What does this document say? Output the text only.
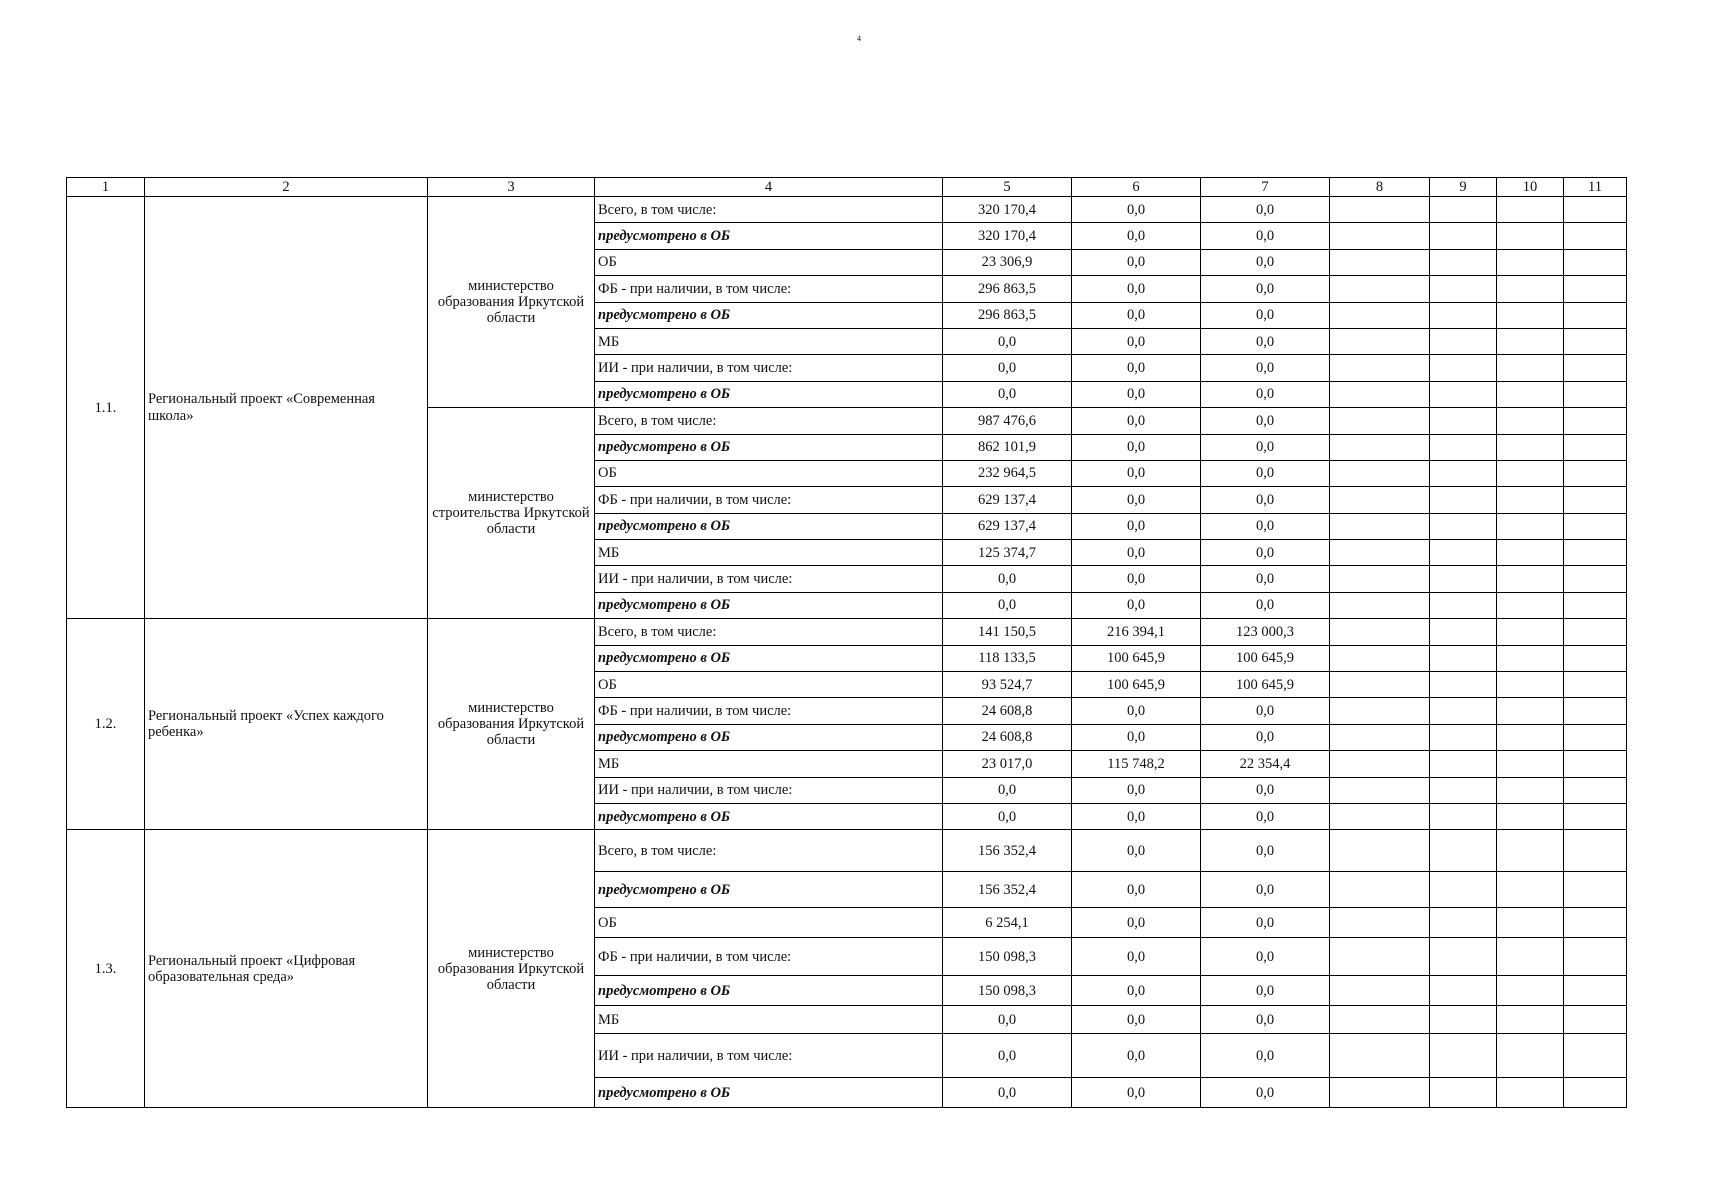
4
1	2	3	4	5	6	7	8	9	10	11
1.1.	Региональный проект «Современная школа»	министерство образования Иркутской области	Всего, в том числе:	320 170,4	0,0	0,0				
			предусмотрено в ОБ	320 170,4	0,0	0,0				
			ОБ	23 306,9	0,0	0,0				
			ФБ - при наличии, в том числе:	296 863,5	0,0	0,0				
			предусмотрено в ОБ	296 863,5	0,0	0,0				
			МБ	0,0	0,0	0,0				
			ИИ - при наличии, в том числе:	0,0	0,0	0,0				
			предусмотрено в ОБ	0,0	0,0	0,0				
		министерство строительства Иркутской области	Всего, в том числе:	987 476,6	0,0	0,0				
			предусмотрено в ОБ	862 101,9	0,0	0,0				
			ОБ	232 964,5	0,0	0,0				
			ФБ - при наличии, в том числе:	629 137,4	0,0	0,0				
			предусмотрено в ОБ	629 137,4	0,0	0,0				
			МБ	125 374,7	0,0	0,0				
			ИИ - при наличии, в том числе:	0,0	0,0	0,0				
			предусмотрено в ОБ	0,0	0,0	0,0				
1.2.	Региональный проект «Успех каждого ребенка»	министерство образования Иркутской области	Всего, в том числе:	141 150,5	216 394,1	123 000,3				
			предусмотрено в ОБ	118 133,5	100 645,9	100 645,9				
			ОБ	93 524,7	100 645,9	100 645,9				
			ФБ - при наличии, в том числе:	24 608,8	0,0	0,0				
			предусмотрено в ОБ	24 608,8	0,0	0,0				
			МБ	23 017,0	115 748,2	22 354,4				
			ИИ - при наличии, в том числе:	0,0	0,0	0,0				
			предусмотрено в ОБ	0,0	0,0	0,0				
1.3.	Региональный проект «Цифровая образовательная среда»	министерство образования Иркутской области	Всего, в том числе:	156 352,4	0,0	0,0				
			предусмотрено в ОБ	156 352,4	0,0	0,0				
			ОБ	6 254,1	0,0	0,0				
			ФБ - при наличии, в том числе:	150 098,3	0,0	0,0				
			предусмотрено в ОБ	150 098,3	0,0	0,0				
			МБ	0,0	0,0	0,0				
			ИИ - при наличии, в том числе:	0,0	0,0	0,0				
			предусмотрено в ОБ	0,0	0,0	0,0				
